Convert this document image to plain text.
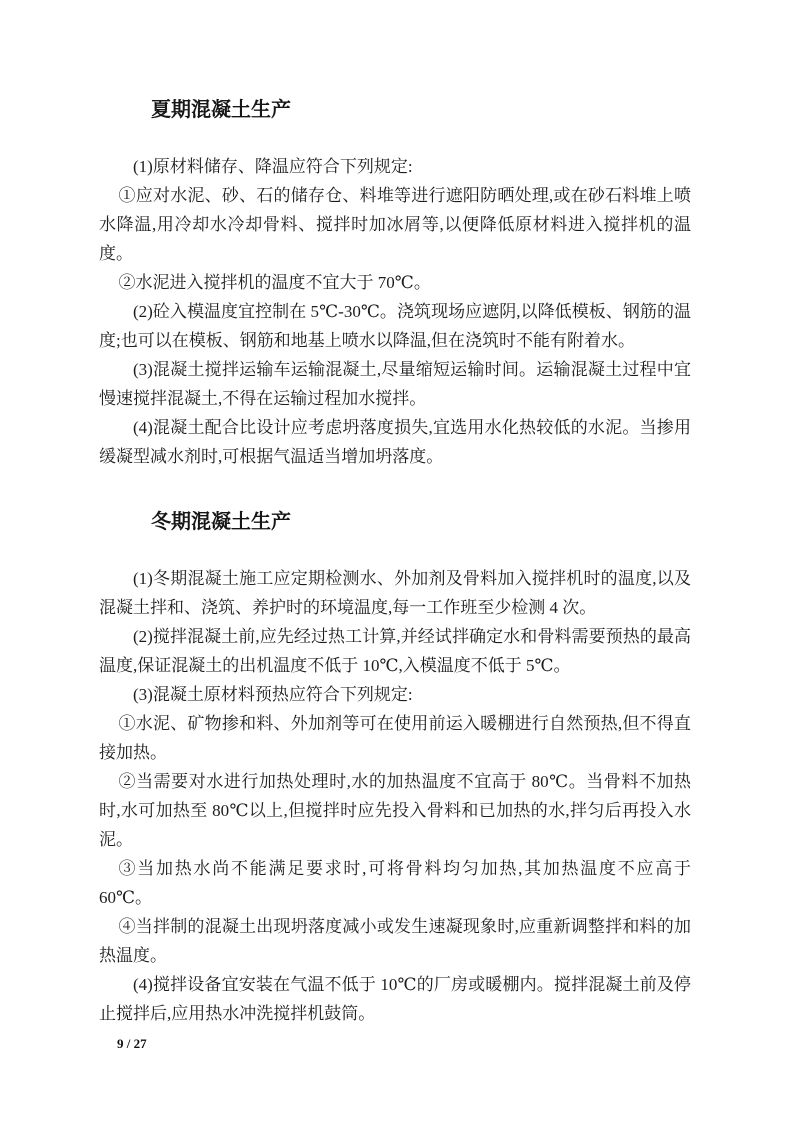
夏期混凝土生产

(1)原材料储存、降温应符合下列规定:

①应对水泥、砂、石的储存仓、料堆等进行遮阳防晒处理,或在砂石料堆上喷水降温,用冷却水冷却骨料、搅拌时加冰屑等,以便降低原材料进入搅拌机的温度。

②水泥进入搅拌机的温度不宜大于 70℃。

(2)砼入模温度宜控制在 5℃-30℃。浇筑现场应遮阴,以降低模板、钢筋的温度;也可以在模板、钢筋和地基上喷水以降温,但在浇筑时不能有附着水。

(3)混凝土搅拌运输车运输混凝土,尽量缩短运输时间。运输混凝土过程中宜慢速搅拌混凝土,不得在运输过程加水搅拌。

(4)混凝土配合比设计应考虑坍落度损失,宜选用水化热较低的水泥。当掺用缓凝型减水剂时,可根据气温适当增加坍落度。

冬期混凝土生产

(1)冬期混凝土施工应定期检测水、外加剂及骨料加入搅拌机时的温度,以及混凝土拌和、浇筑、养护时的环境温度,每一工作班至少检测 4 次。

(2)搅拌混凝土前,应先经过热工计算,并经试拌确定水和骨料需要预热的最高温度,保证混凝土的出机温度不低于 10℃,入模温度不低于 5℃。

(3)混凝土原材料预热应符合下列规定:

①水泥、矿物掺和料、外加剂等可在使用前运入暖棚进行自然预热,但不得直接加热。

②当需要对水进行加热处理时,水的加热温度不宜高于 80℃。当骨料不加热时,水可加热至 80℃以上,但搅拌时应先投入骨料和已加热的水,拌匀后再投入水泥。

③当加热水尚不能满足要求时,可将骨料均匀加热,其加热温度不应高于 60℃。

④当拌制的混凝土出现坍落度减小或发生速凝现象时,应重新调整拌和料的加热温度。

(4)搅拌设备宜安装在气温不低于 10℃的厂房或暖棚内。搅拌混凝土前及停止搅拌后,应用热水冲洗搅拌机鼓筒。

9 / 27
